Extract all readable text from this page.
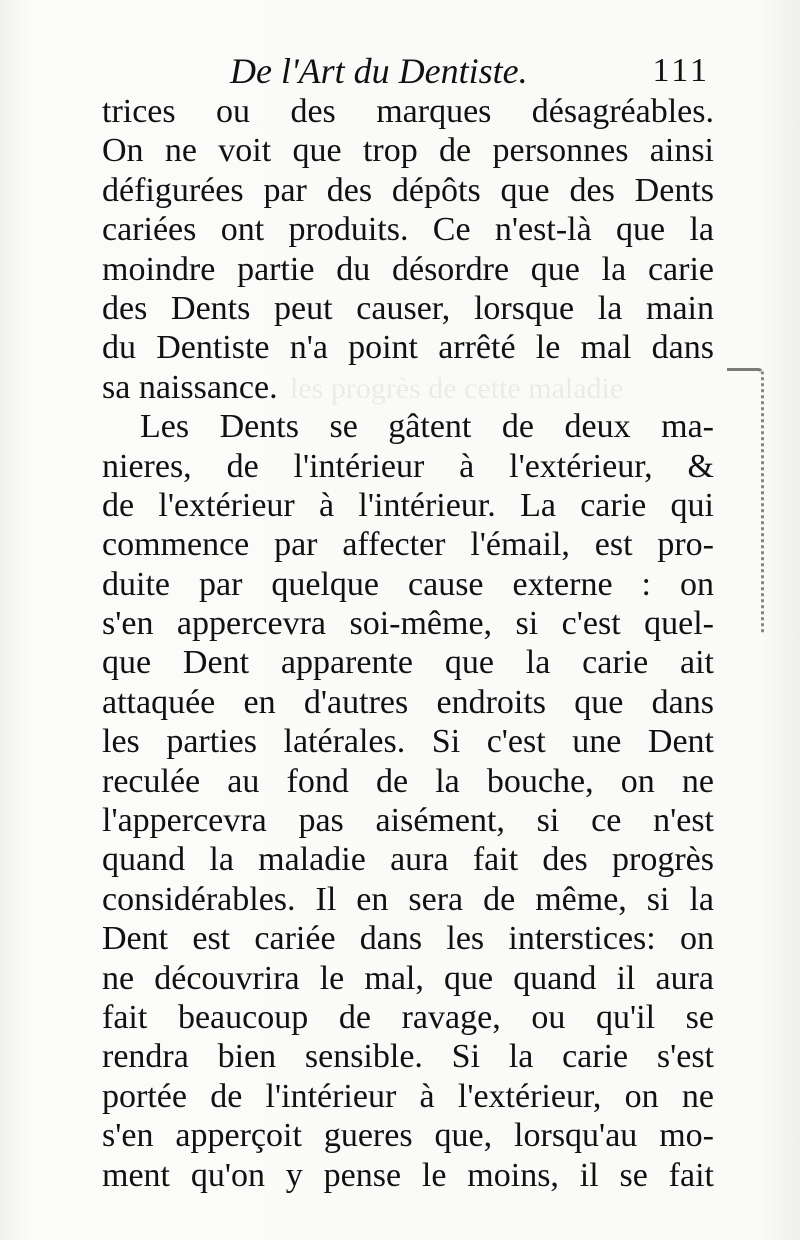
les progrès de cette maladie
De l'Art du Dentiste.	111
trices ou des marques désagréables.
On ne voit que trop de personnes ainsi
défigurées par des dépôts que des Dents
cariées ont produits. Ce n'est-là que la
moindre partie du désordre que la carie
des Dents peut causer, lorsque la main
du Dentiste n'a point arrêté le mal dans
sa naissance.
Les Dents se gâtent de deux ma-
nieres, de l'intérieur à l'extérieur, &
de l'extérieur à l'intérieur. La carie qui
commence par affecter l'émail, est pro-
duite par quelque cause externe : on
s'en appercevra soi-même, si c'est quel-
que Dent apparente que la carie ait
attaquée en d'autres endroits que dans
les parties latérales. Si c'est une Dent
reculée au fond de la bouche, on ne
l'appercevra pas aisément, si ce n'est
quand la maladie aura fait des progrès
considérables. Il en sera de même, si la
Dent est cariée dans les interstices: on
ne découvrira le mal, que quand il aura
fait beaucoup de ravage, ou qu'il se
rendra bien sensible. Si la carie s'est
portée de l'intérieur à l'extérieur, on ne
s'en apperçoit gueres que, lorsqu'au mo-
ment qu'on y pense le moins, il se fait
